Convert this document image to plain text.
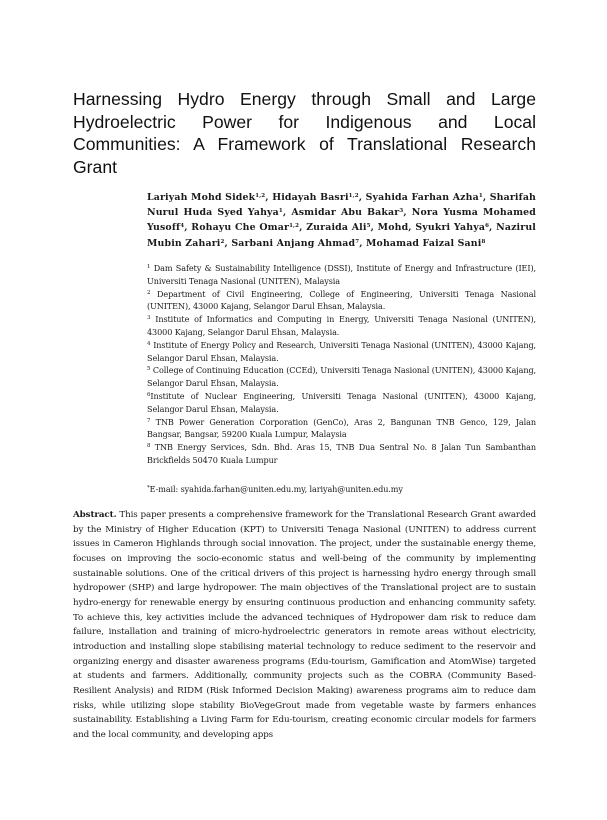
Harnessing Hydro Energy through Small and Large Hydroelectric Power for Indigenous and Local Communities: A Framework of Translational Research Grant
Lariyah Mohd Sidek$^{1,2}$, Hidayah Basri$^{1,2}$, Syahida Farhan Azha$^1$, Sharifah Nurul Huda Syed Yahya$^1$, Asmidar Abu Bakar$^3$, Nora Yusma Mohamed Yusoff$^4$, Rohayu Che Omar$^{1,2}$, Zuraida Ali$^5$, Mohd, Syukri Yahya$^6$, Nazirul Mubin Zahari$^2$, Sarbani Anjang Ahmad$^7$, Mohamad Faizal Sani$^8$

$^1$ Dam Safety & Sustainability Intelligence (DSSI), Institute of Energy and Infrastructure (IEI), Universiti Tenaga Nasional (UNITEN), Malaysia

$^2$ Department of Civil Engineering, College of Engineering, Universiti Tenaga Nasional (UNITEN), 43000 Kajang, Selangor Darul Ehsan, Malaysia.

$^3$ Institute of Informatics and Computing in Energy, Universiti Tenaga Nasional (UNITEN), 43000 Kajang, Selangor Darul Ehsan, Malaysia.

$^4$ Institute of Energy Policy and Research, Universiti Tenaga Nasional (UNITEN), 43000 Kajang, Selangor Darul Ehsan, Malaysia.

$^5$ College of Continuing Education (CCEd), Universiti Tenaga Nasional (UNITEN), 43000 Kajang, Selangor Darul Ehsan, Malaysia.

$^6$Institute of Nuclear Engineering, Universiti Tenaga Nasional (UNITEN), 43000 Kajang, Selangor Darul Ehsan, Malaysia.

$^7$ TNB Power Generation Corporation (GenCo), Aras 2, Bangunan TNB Genco, 129, Jalan Bangsar, Bangsar, 59200 Kuala Lumpur, Malaysia

$^8$ TNB Energy Services, Sdn. Bhd. Aras 15, TNB Dua Sentral No. 8 Jalan Tun Sambanthan Brickfields 50470 Kuala Lumpur

*E-mail: syahida.farhan@uniten.edu.my, lariyah@uniten.edu.my

Abstract. This paper presents a comprehensive framework for the Translational Research Grant awarded by the Ministry of Higher Education (KPT) to Universiti Tenaga Nasional (UNITEN) to address current issues in Cameron Highlands through social innovation. The project, under the sustainable energy theme, focuses on improving the socio-economic status and well-being of the community by implementing sustainable solutions. One of the critical drivers of this project is harnessing hydro energy through small hydropower (SHP) and large hydropower. The main objectives of the Translational project are to sustain hydro-energy for renewable energy by ensuring continuous production and enhancing community safety. To achieve this, key activities include the advanced techniques of Hydropower dam risk to reduce dam failure, installation and training of micro-hydroelectric generators in remote areas without electricity, introduction and installing slope stabilising material technology to reduce sediment to the reservoir and organizing energy and disaster awareness programs (Edu-tourism, Gamification and AtomWise) targeted at students and farmers. Additionally, community projects such as the COBRA (Community Based-Resilient Analysis) and RIDM (Risk Informed Decision Making) awareness programs aim to reduce dam risks, while utilizing slope stability BioVegeGrout made from vegetable waste by farmers enhances sustainability. Establishing a Living Farm for Edu-tourism, creating economic circular models for farmers and the local community, and developing apps
